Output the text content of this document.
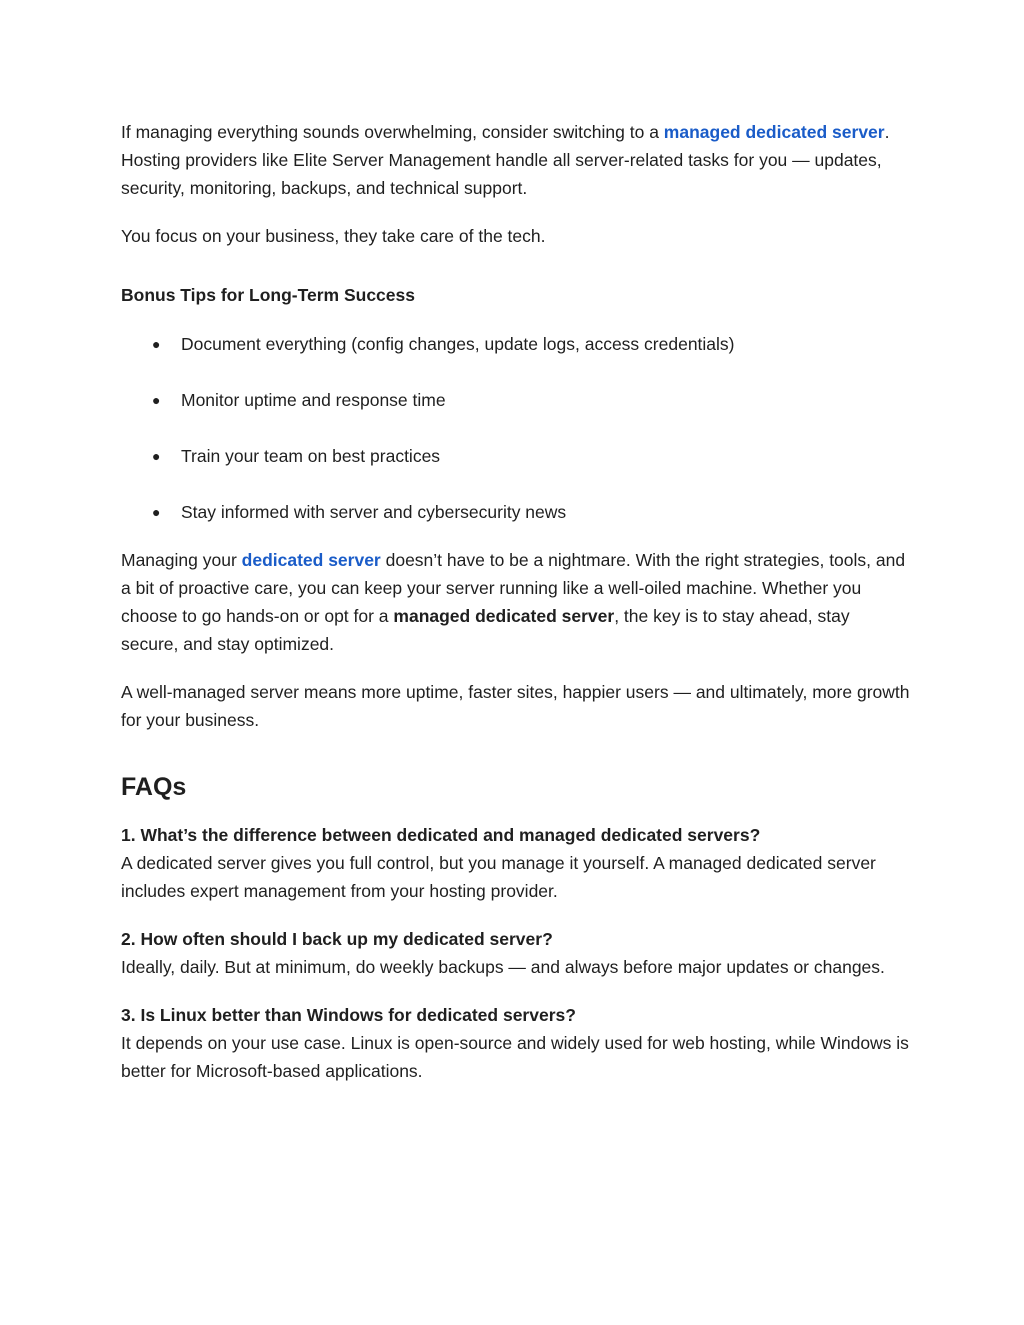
If managing everything sounds overwhelming, consider switching to a managed dedicated server. Hosting providers like Elite Server Management handle all server-related tasks for you — updates, security, monitoring, backups, and technical support.

You focus on your business, they take care of the tech.

Bonus Tips for Long-Term Success
● Document everything (config changes, update logs, access credentials)
● Monitor uptime and response time
● Train your team on best practices
● Stay informed with server and cybersecurity news

Managing your dedicated server doesn’t have to be a nightmare. With the right strategies, tools, and a bit of proactive care, you can keep your server running like a well-oiled machine. Whether you choose to go hands-on or opt for a managed dedicated server, the key is to stay ahead, stay secure, and stay optimized.

A well-managed server means more uptime, faster sites, happier users — and ultimately, more growth for your business.

FAQs
1. What’s the difference between dedicated and managed dedicated servers?
A dedicated server gives you full control, but you manage it yourself. A managed dedicated server includes expert management from your hosting provider.
2. How often should I back up my dedicated server?
Ideally, daily. But at minimum, do weekly backups — and always before major updates or changes.
3. Is Linux better than Windows for dedicated servers?
It depends on your use case. Linux is open-source and widely used for web hosting, while Windows is better for Microsoft-based applications.
